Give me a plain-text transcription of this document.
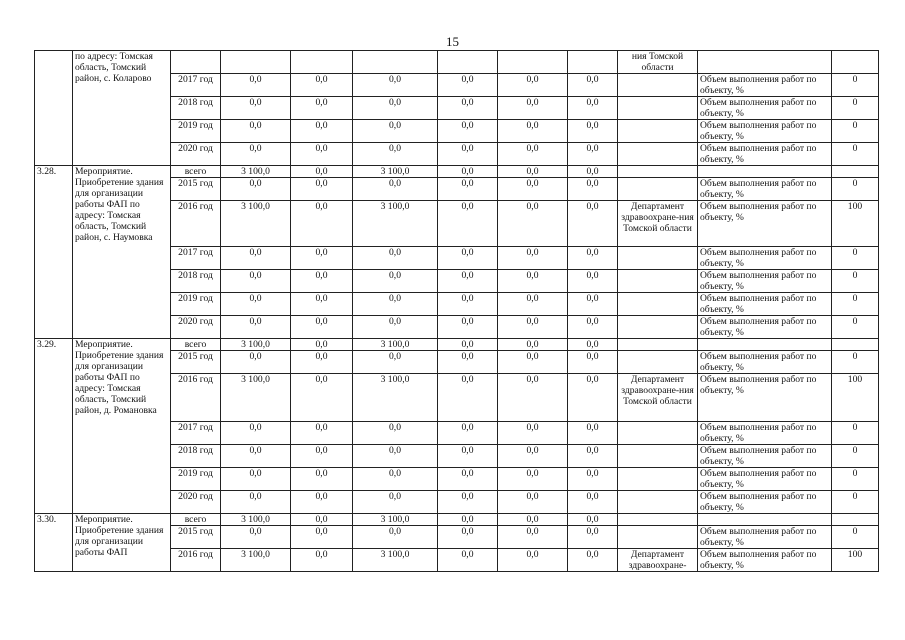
15
	по адресу: Томская область, Томский район, с. Коларово								ния Томской области		
		2017 год	0,0	0,0	0,0	0,0	0,0	0,0		Объем выполнения работ по объекту, %	0
		2018 год	0,0	0,0	0,0	0,0	0,0	0,0		Объем выполнения работ по объекту, %	0
		2019 год	0,0	0,0	0,0	0,0	0,0	0,0		Объем выполнения работ по объекту, %	0
		2020 год	0,0	0,0	0,0	0,0	0,0	0,0		Объем выполнения работ по объекту, %	0
3.28.	Мероприятие. Приобретение здания для организации работы ФАП по адресу: Томская область, Томский район, с. Наумовка	всего	3 100,0	0,0	3 100,0	0,0	0,0	0,0			
		2015 год	0,0	0,0	0,0	0,0	0,0	0,0		Объем выполнения работ по объекту, %	0
		2016 год	3 100,0	0,0	3 100,0	0,0	0,0	0,0	Департамент здравоохране-ния Томской области	Объем выполнения работ по объекту, %	100
		2017 год	0,0	0,0	0,0	0,0	0,0	0,0		Объем выполнения работ по объекту, %	0
		2018 год	0,0	0,0	0,0	0,0	0,0	0,0		Объем выполнения работ по объекту, %	0
		2019 год	0,0	0,0	0,0	0,0	0,0	0,0		Объем выполнения работ по объекту, %	0
		2020 год	0,0	0,0	0,0	0,0	0,0	0,0		Объем выполнения работ по объекту, %	0
3.29.	Мероприятие. Приобретение здания для организации работы ФАП по адресу: Томская область, Томский район, д. Романовка	всего	3 100,0	0,0	3 100,0	0,0	0,0	0,0			
		2015 год	0,0	0,0	0,0	0,0	0,0	0,0		Объем выполнения работ по объекту, %	0
		2016 год	3 100,0	0,0	3 100,0	0,0	0,0	0,0	Департамент здравоохране-ния Томской области	Объем выполнения работ по объекту, %	100
		2017 год	0,0	0,0	0,0	0,0	0,0	0,0		Объем выполнения работ по объекту, %	0
		2018 год	0,0	0,0	0,0	0,0	0,0	0,0		Объем выполнения работ по объекту, %	0
		2019 год	0,0	0,0	0,0	0,0	0,0	0,0		Объем выполнения работ по объекту, %	0
		2020 год	0,0	0,0	0,0	0,0	0,0	0,0		Объем выполнения работ по объекту, %	0
3.30.	Мероприятие. Приобретение здания для организации работы ФАП	всего	3 100,0	0,0	3 100,0	0,0	0,0	0,0			
		2015 год	0,0	0,0	0,0	0,0	0,0	0,0		Объем выполнения работ по объекту, %	0
		2016 год	3 100,0	0,0	3 100,0	0,0	0,0	0,0	Департамент здравоохране-	Объем выполнения работ по объекту, %	100
